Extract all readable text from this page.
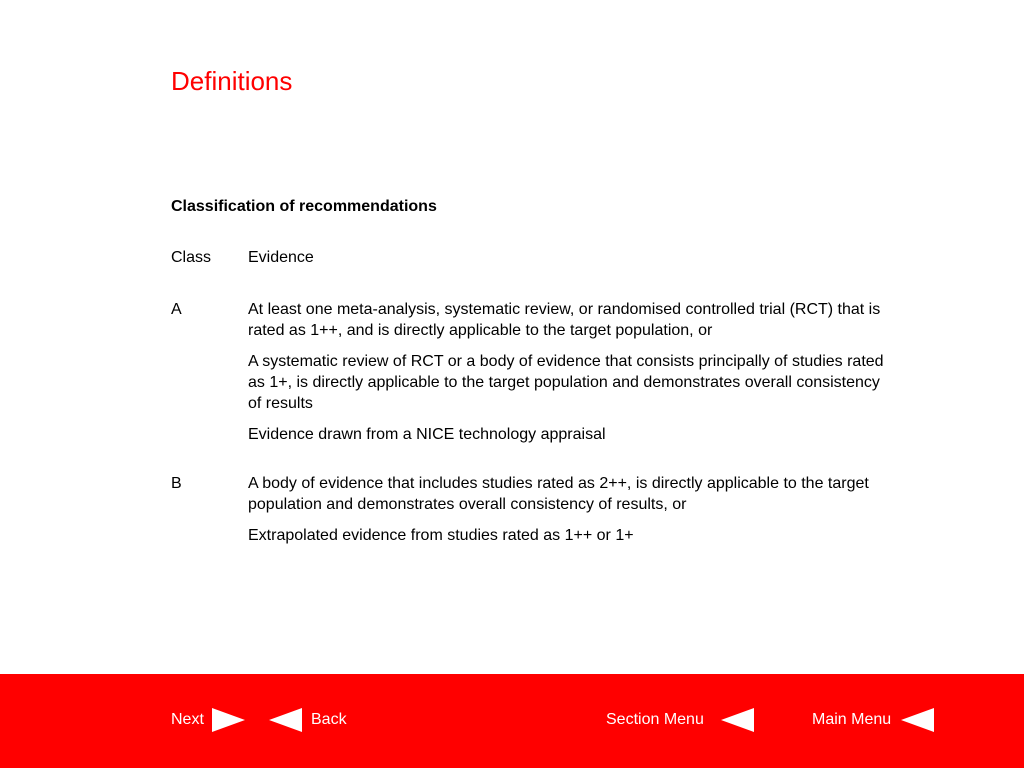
Definitions
Classification of recommendations
Class	Evidence
A	At least one meta-analysis, systematic review, or randomised controlled trial (RCT) that is rated as 1++, and is directly applicable to the target population, or

A systematic review of RCT or a body of evidence that consists principally of studies rated as 1+, is directly applicable to the target population and demonstrates overall consistency of results

Evidence drawn from a NICE technology appraisal

B	A body of evidence that includes studies rated as 2++, is directly applicable to the target population and demonstrates overall consistency of results, or

Extrapolated evidence from studies rated as 1++ or 1+

Next	Back	Section Menu	Main Menu
